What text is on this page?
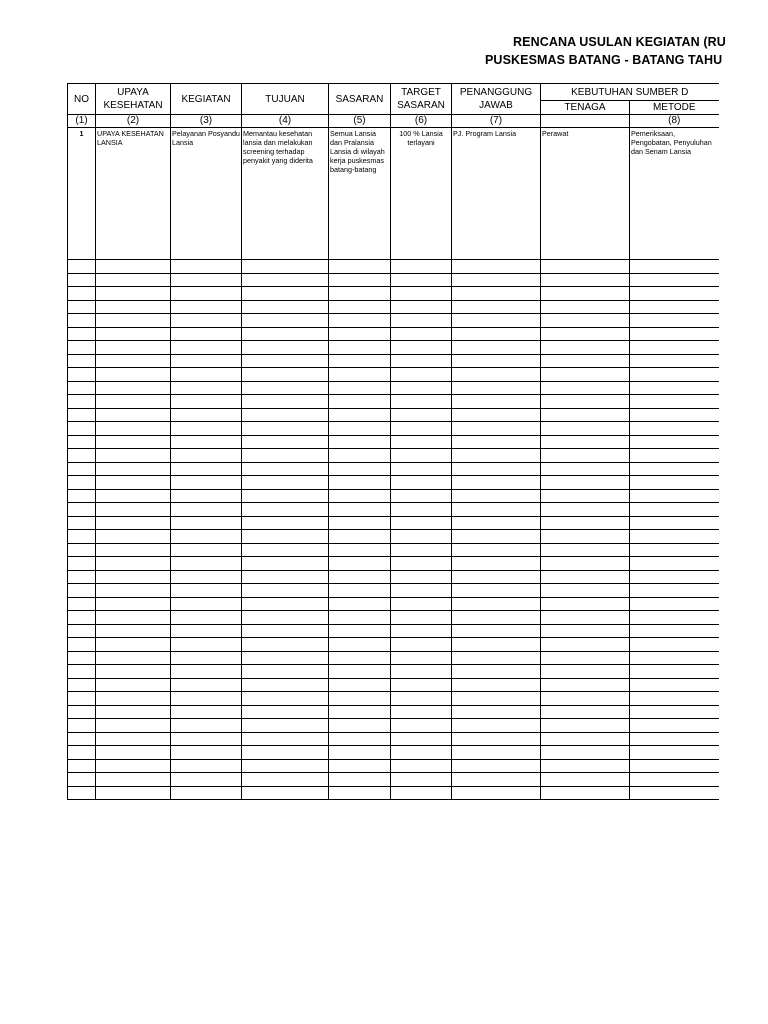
RENCANA USULAN KEGIATAN (RU
PUSKESMAS BATANG - BATANG TAHU
NO	UPAYA KESEHATAN	KEGIATAN	TUJUAN	SASARAN	TARGET SASARAN	PENANGGUNG JAWAB	KEBUTUHAN SUMBER D	
							TENAGA	METODE
(1)	(2)	(3)	(4)	(5)	(6)	(7)		(8)
1	UPAYA KESEHATAN LANSIA	Pelayanan Posyandu Lansia	Memantau kesehatan lansia dan melakukan screening terhadap penyakit yang diderita	Semua Lansia dan Pralansia Lansia di wilayah kerja puskesmas batang-batang	100 % Lansia terlayani	PJ. Program Lansia	Perawat	Pemeriksaan, Pengobatan, Penyuluhan dan Senam Lansia
